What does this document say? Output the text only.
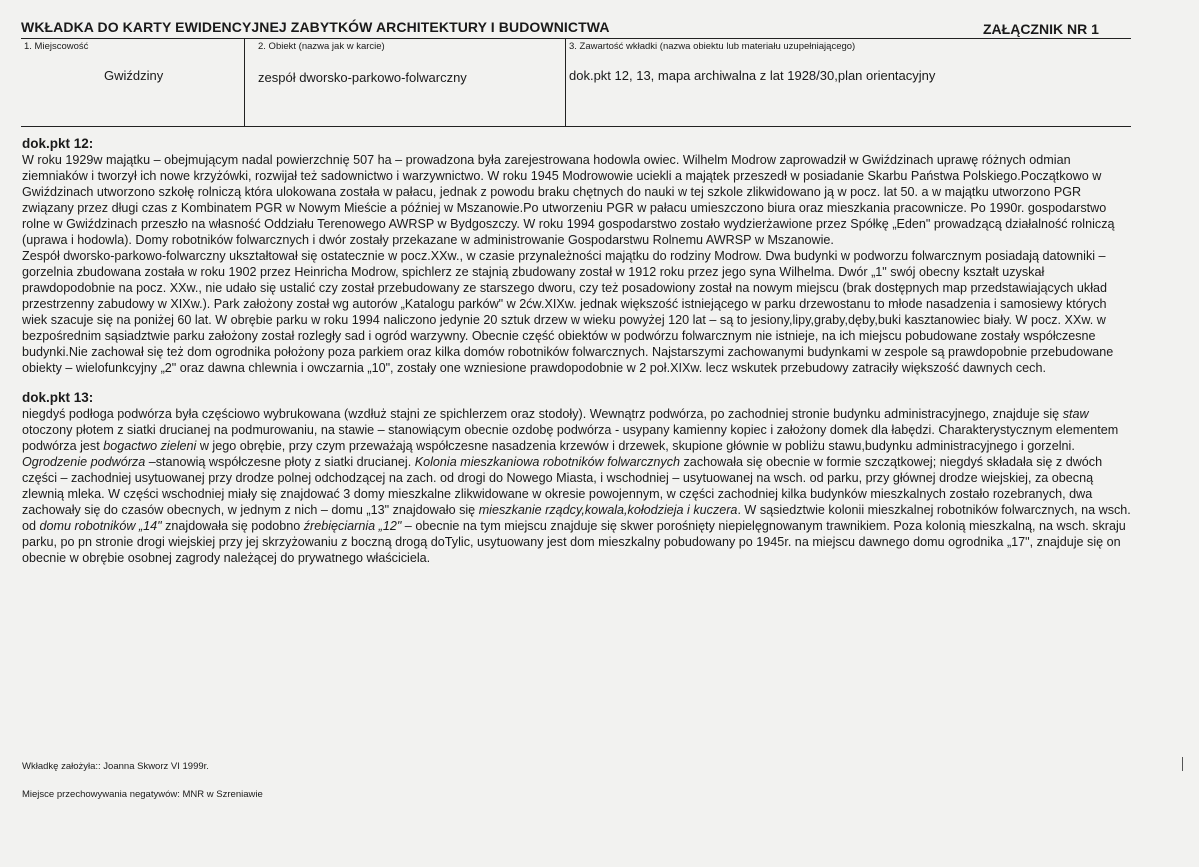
WKŁADKA DO KARTY EWIDENCYJNEJ ZABYTKÓW ARCHITEKTURY I BUDOWNICTWA	ZAŁĄCZNIK NR 1
1. Miejscowość
Gwiździny
2. Obiekt (nazwa jak w karcie)
zespół dworsko-parkowo-folwarczny
3. Zawartość wkładki (nazwa obiektu lub materiału uzupełniającego)
dok.pkt 12, 13, mapa archiwalna z lat 1928/30,plan orientacyjny
dok.pkt 12:

W roku 1929w majątku – obejmującym nadal powierzchnię 507 ha – prowadzona była zarejestrowana hodowla owiec. Wilhelm Modrow zaprowadził w Gwiździnach uprawę różnych odmian ziemniaków i tworzył ich nowe krzyżówki, rozwijał też sadownictwo i warzywnictwo. W roku 1945 Modrowowie uciekli a majątek przeszedł w posiadanie Skarbu Państwa Polskiego.Początkowo w Gwiździnach utworzono szkołę rolniczą która ulokowana została w pałacu, jednak z powodu braku chętnych do nauki w tej szkole zlikwidowano ją w pocz. lat 50. a w majątku utworzono PGR związany przez długi czas z Kombinatem PGR w Nowym Mieście a później w Mszanowie.Po utworzeniu PGR w pałacu umieszczono biura oraz mieszkania pracownicze. Po 1990r. gospodarstwo rolne w Gwiździnach przeszło na własność Oddziału Terenowego AWRSP w Bydgoszczy. W roku 1994 gospodarstwo zostało wydzierżawione przez Spółkę „Eden" prowadzącą działalność rolniczą (uprawa i hodowla). Domy robotników folwarcznych i dwór zostały przekazane w administrowanie Gospodarstwu Rolnemu AWRSP w Mszanowie.

Zespół dworsko-parkowo-folwarczny ukształtował się ostatecznie w pocz.XXw., w czasie przynależności majątku do rodziny Modrow. Dwa budynki w podworzu folwarcznym posiadają datowniki – gorzelnia zbudowana została w roku 1902 przez Heinricha Modrow, spichlerz ze stajnią zbudowany został w 1912 roku przez jego syna Wilhelma. Dwór „1" swój obecny kształt uzyskał prawdopodobnie na pocz. XXw., nie udało się ustalić czy został przebudowany ze starszego dworu, czy też posadowiony został na nowym miejscu (brak dostępnych map przedstawiających układ przestrzenny zabudowy w XIXw.). Park założony został wg autorów „Katalogu parków" w 2ćw.XIXw. jednak większość istniejącego w parku drzewostanu to młode nasadzenia i samosiewy których wiek szacuje się na poniżej 60 lat. W obrębie parku w roku 1994 naliczono jedynie 20 sztuk drzew w wieku powyżej 120 lat – są to jesiony,lipy,graby,dęby,buki kasztanowiec biały. W pocz. XXw. w bezpośrednim sąsiadztwie parku założony został rozległy sad i ogród warzywny. Obecnie część obiektów w podwórzu folwarcznym nie istnieje, na ich miejscu pobudowane zostały współczesne budynki.Nie zachował się też dom ogrodnika położony poza parkiem oraz kilka domów robotników folwarcznych. Najstarszymi zachowanymi budynkami w zespole są prawdopobnie przebudowane obiekty – wielofunkcyjny „2" oraz dawna chlewnia i owczarnia „10", zostały one wzniesione prawdopodobnie w 2 poł.XIXw. lecz wskutek przebudowy zatraciły większość dawnych cech.

dok.pkt 13:

niegdyś podłoga podwórza była częściowo wybrukowana (wzdłuż stajni ze spichlerzem oraz stodoły). Wewnątrz podwórza, po zachodniej stronie budynku administracyjnego, znajduje się staw otoczony płotem z siatki drucianej na podmurowaniu, na stawie – stanowiącym obecnie ozdobę podwórza - usypany kamienny kopiec i założony domek dla łabędzi. Charakterystycznym elementem podwórza jest bogactwo zieleni w jego obrębie, przy czym przeważają współczesne nasadzenia krzewów i drzewek, skupione głównie w pobliżu stawu,budynku administracyjnego i gorzelni. Ogrodzenie podwórza –stanowią współczesne płoty z siatki drucianej. Kolonia mieszkaniowa robotników folwarcznych zachowała się obecnie w formie szczątkowej; niegdyś składała się z dwóch części – zachodniej usytuowanej przy drodze polnej odchodzącej na zach. od drogi do Nowego Miasta, i wschodniej – usytuowanej na wsch. od parku, przy głównej drodze wiejskiej, za obecną zlewnią mleka. W części wschodniej miały się znajdować 3 domy mieszkalne zlikwidowane w okresie powojennym, w części zachodniej kilka budynków mieszkalnych zostało rozebranych, dwa zachowały się do czasów obecnych, w jednym z nich – domu „13" znajdowało się mieszkanie rządcy,kowala,kołodzieja i kuczera. W sąsiedztwie kolonii mieszkalnej robotników folwarcznych, na wsch. od domu robotników „14" znajdowała się podobno źrebięciarnia „12" – obecnie na tym miejscu znajduje się skwer porośnięty niepielęgnowanym trawnikiem. Poza kolonią mieszkalną, na wsch. skraju parku, po pn stronie drogi wiejskiej przy jej skrzyżowaniu z boczną drogą doTylic, usytuowany jest dom mieszkalny pobudowany po 1945r. na miejscu dawnego domu ogrodnika „17", znajduje się on obecnie w obrębie osobnej zagrody należącej do prywatnego właściciela.

Wkładkę założyła:: Joanna Skworz VI 1999r.
Miejsce przechowywania negatywów: MNR w Szreniawie
